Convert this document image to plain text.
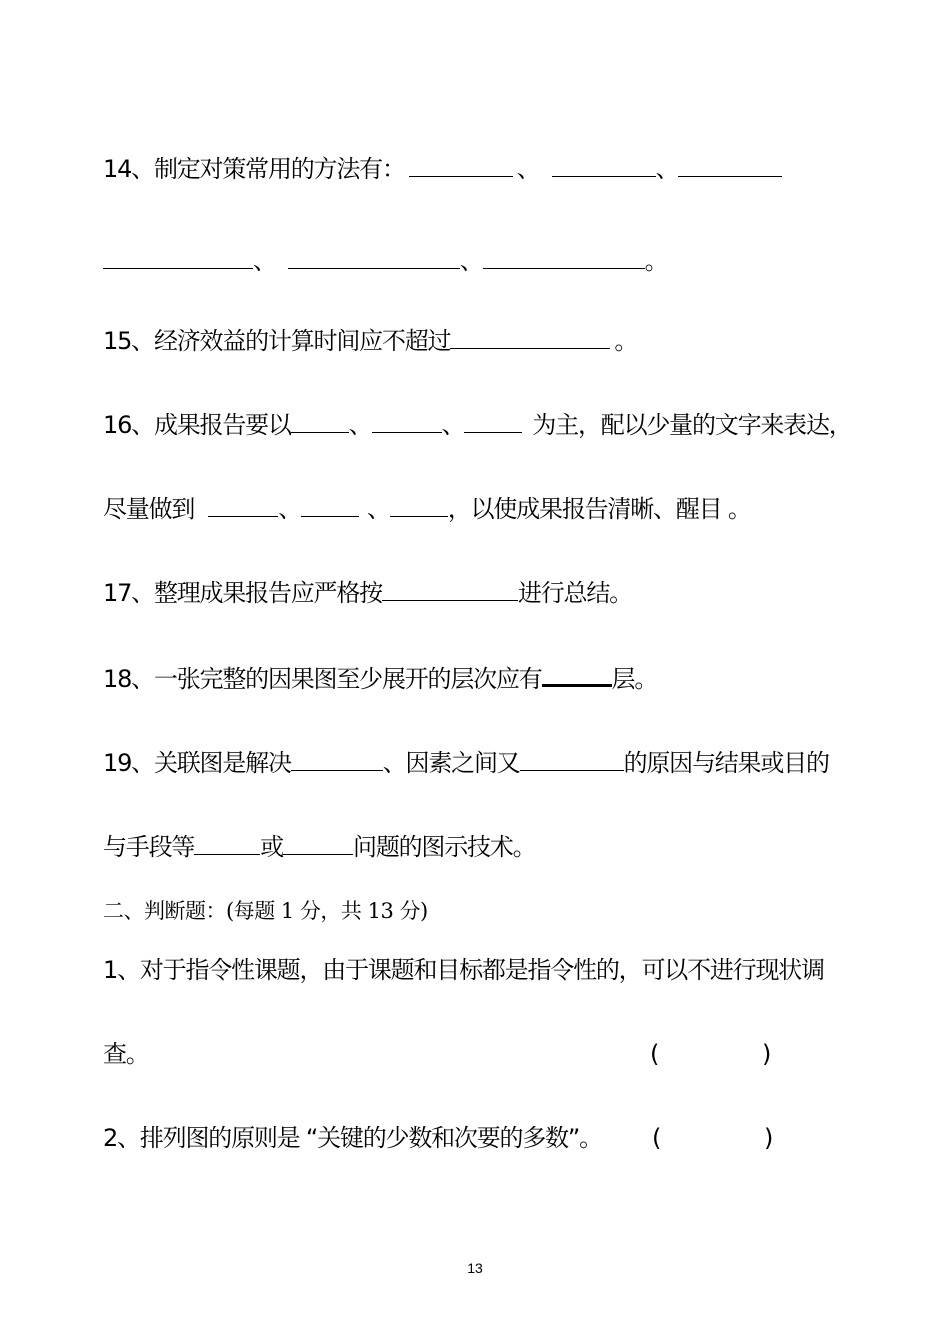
14、制定对策常用的方法有：	、	、
、	、	。
15、经济效益的计算时间应不超过	。
16、成果报告要以 、	、	为主，配以少量的文字来表达，
尽量做到	、	、 ，以使成果报告清晰、醒目 。
17、整理成果报告应严格按	进行总结。
18、一张完整的因果图至少展开的层次应有	层。
19、关联图是解决	、因素之间又	的原因与结果或目的
与手段等	或	问题的图示技术。
二、判断题：(每题 1 分，共 13 分)
1、对于指令性课题，由于课题和目标都是指令性的，可以不进行现状调
查。	(	)
2、排列图的原则是 “关键的少数和次要的多数”。 (	)
13
